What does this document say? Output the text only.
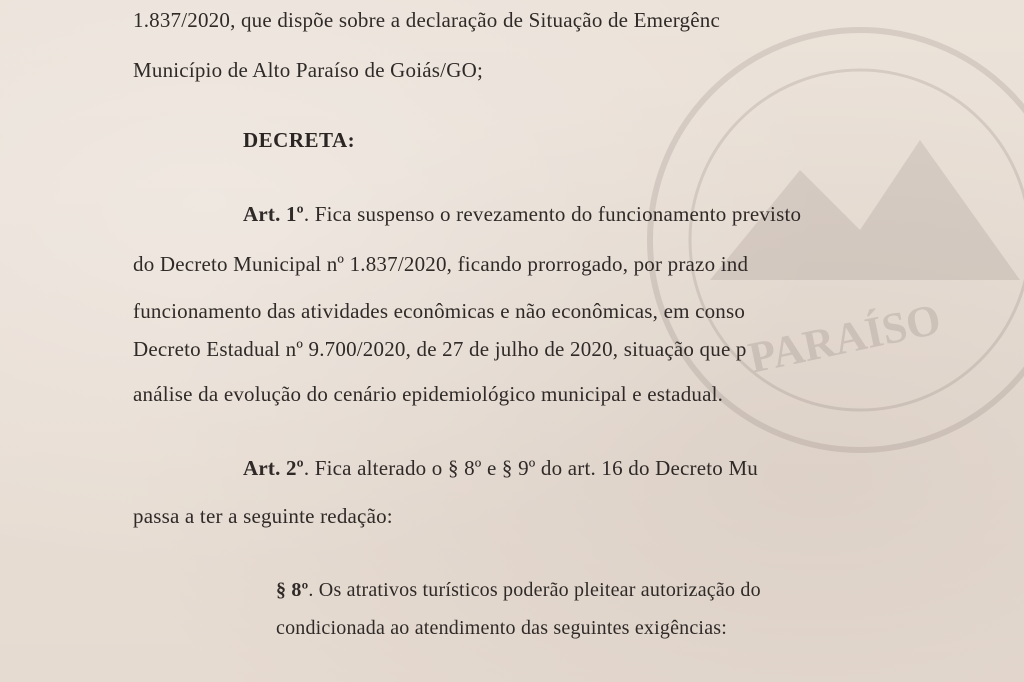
PARAÍSO
1.837/2020, que dispõe sobre a declaração de Situação de Emergênc
Município de Alto Paraíso de Goiás/GO;
DECRETA:
Art. 1º. Fica suspenso o revezamento do funcionamento previsto
do Decreto Municipal nº 1.837/2020, ficando prorrogado, por prazo ind
funcionamento das atividades econômicas e não econômicas, em conso
Decreto Estadual nº 9.700/2020, de 27 de julho de 2020, situação que p
análise da evolução do cenário epidemiológico municipal e estadual.
Art. 2º. Fica alterado o § 8º e § 9º do art. 16 do Decreto Mu
passa a ter a seguinte redação:
§ 8º. Os atrativos turísticos poderão pleitear autorização do
condicionada ao atendimento das seguintes exigências:
